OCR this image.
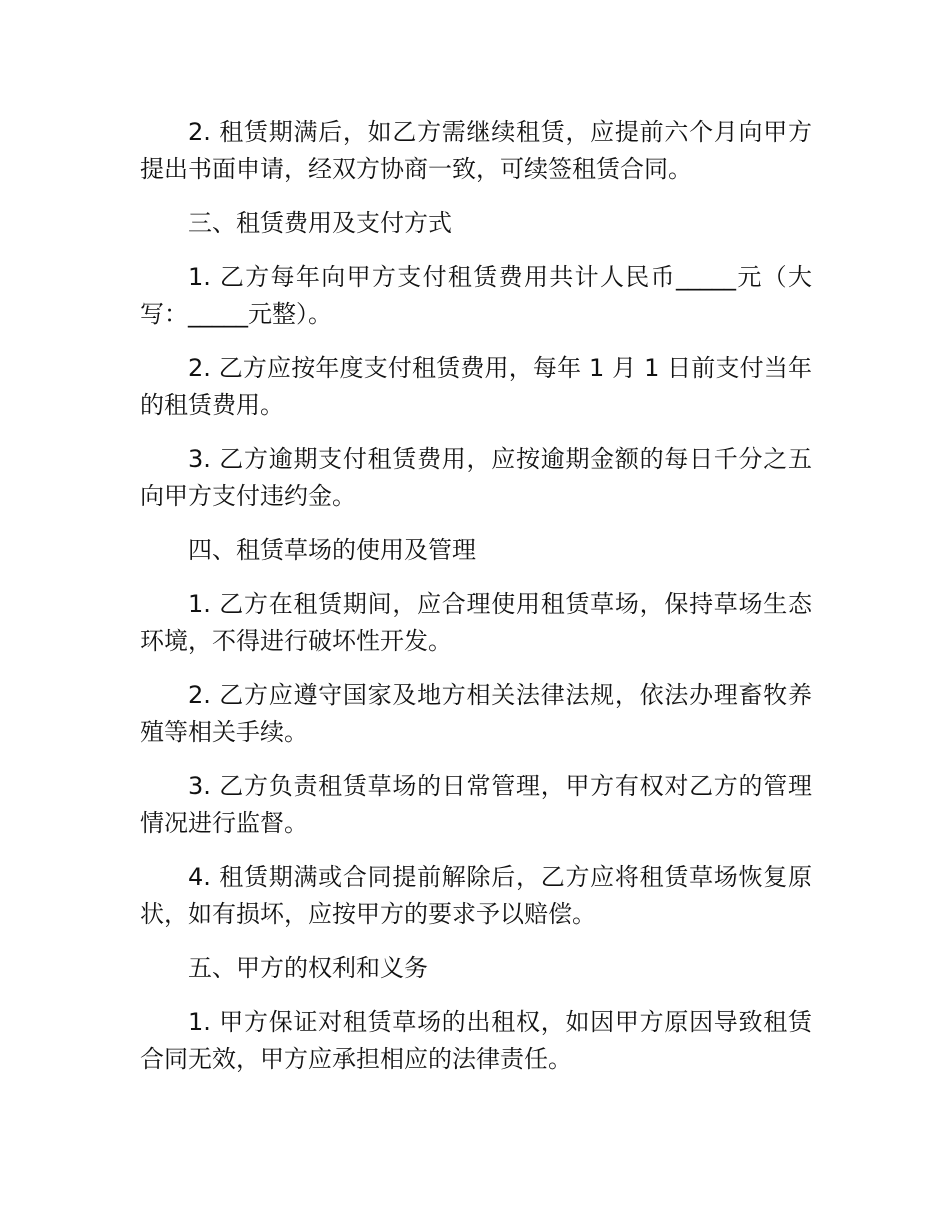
2. 租赁期满后，如乙方需继续租赁，应提前六个月向甲方提出书面申请，经双方协商一致，可续签租赁合同。

三、租赁费用及支付方式

1. 乙方每年向甲方支付租赁费用共计人民币_____元（大写：_____元整）。

2. 乙方应按年度支付租赁费用，每年 1 月 1 日前支付当年的租赁费用。

3. 乙方逾期支付租赁费用，应按逾期金额的每日千分之五向甲方支付违约金。

四、租赁草场的使用及管理

1. 乙方在租赁期间，应合理使用租赁草场，保持草场生态环境，不得进行破坏性开发。

2. 乙方应遵守国家及地方相关法律法规，依法办理畜牧养殖等相关手续。

3. 乙方负责租赁草场的日常管理，甲方有权对乙方的管理情况进行监督。

4. 租赁期满或合同提前解除后，乙方应将租赁草场恢复原状，如有损坏，应按甲方的要求予以赔偿。

五、甲方的权利和义务

1. 甲方保证对租赁草场的出租权，如因甲方原因导致租赁合同无效，甲方应承担相应的法律责任。
